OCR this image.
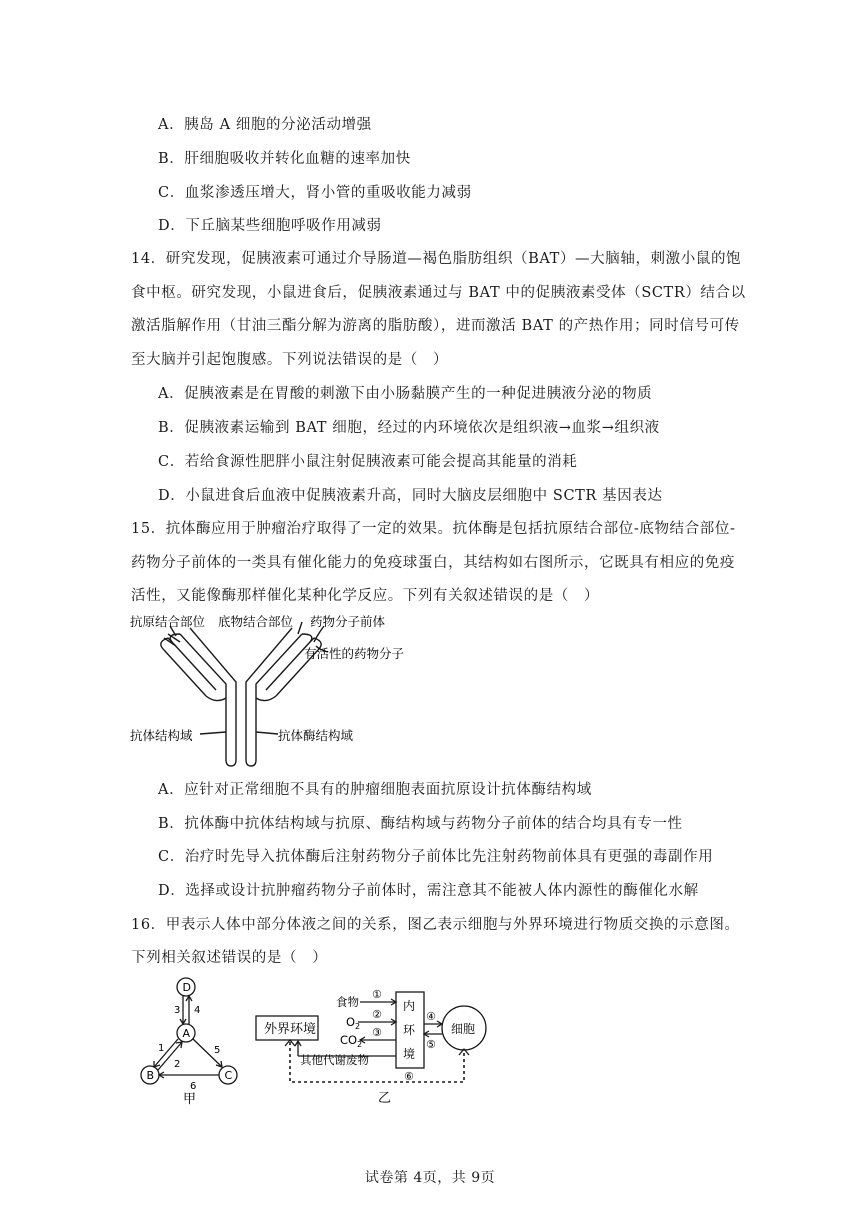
A．胰岛 A 细胞的分泌活动增强
B．肝细胞吸收并转化血糖的速率加快
C．血浆渗透压增大，肾小管的重吸收能力减弱
D．下丘脑某些细胞呼吸作用减弱
14．研究发现，促胰液素可通过介导肠道—褐色脂肪组织（BAT）—大脑轴，刺激小鼠的饱
食中枢。研究发现，小鼠进食后，促胰液素通过与 BAT 中的促胰液素受体（SCTR）结合以
激活脂解作用（甘油三酯分解为游离的脂肪酸），进而激活 BAT 的产热作用；同时信号可传
至大脑并引起饱腹感。下列说法错误的是（　）
A．促胰液素是在胃酸的刺激下由小肠黏膜产生的一种促进胰液分泌的物质
B．促胰液素运输到 BAT 细胞，经过的内环境依次是组织液→血浆→组织液
C．若给食源性肥胖小鼠注射促胰液素可能会提高其能量的消耗
D．小鼠进食后血液中促胰液素升高，同时大脑皮层细胞中 SCTR 基因表达
15．抗体酶应用于肿瘤治疗取得了一定的效果。抗体酶是包括抗原结合部位-底物结合部位-
药物分子前体的一类具有催化能力的免疫球蛋白，其结构如右图所示，它既具有相应的免疫
活性，又能像酶那样催化某种化学反应。下列有关叙述错误的是（　）
抗原结合部位 底物结合部位 药物分子前体
有活性的药物分子
抗体结构域	抗体酶结构域
A．应针对正常细胞不具有的肿瘤细胞表面抗原设计抗体酶结构域
B．抗体酶中抗体结构域与抗原、酶结构域与药物分子前体的结合均具有专一性
C．治疗时先导入抗体酶后注射药物分子前体比先注射药物前体具有更强的毒副作用
D．选择或设计抗肿瘤药物分子前体时，需注意其不能被人体内源性的酶催化水解
16．甲表示人体中部分体液之间的关系，图乙表示细胞与外界环境进行物质交换的示意图。
下列相关叙述错误的是（　）
D
A
B	C
3 4
1
2
5
6
甲
外界环境
食物
O 2
CO 2
其他代谢废物
内
环
境
细胞
①
②
③
④
⑤
⑥
乙
试卷第 4页，共 9页
